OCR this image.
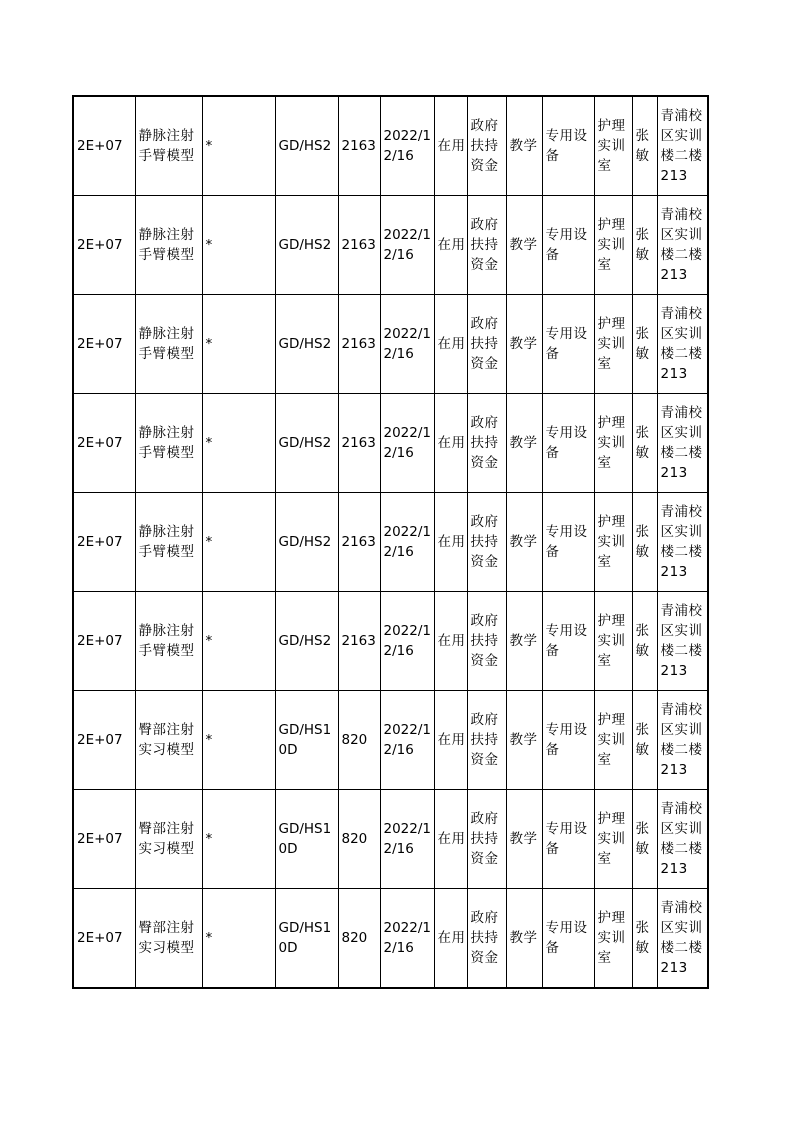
2E+07	静脉注射手臂模型	*	GD/HS2	2163	2022/12/16	在用	政府扶持资金	教学	专用设备	护理实训室	张敏	青浦校区实训楼二楼213
2E+07	静脉注射手臂模型	*	GD/HS2	2163	2022/12/16	在用	政府扶持资金	教学	专用设备	护理实训室	张敏	青浦校区实训楼二楼213
2E+07	静脉注射手臂模型	*	GD/HS2	2163	2022/12/16	在用	政府扶持资金	教学	专用设备	护理实训室	张敏	青浦校区实训楼二楼213
2E+07	静脉注射手臂模型	*	GD/HS2	2163	2022/12/16	在用	政府扶持资金	教学	专用设备	护理实训室	张敏	青浦校区实训楼二楼213
2E+07	静脉注射手臂模型	*	GD/HS2	2163	2022/12/16	在用	政府扶持资金	教学	专用设备	护理实训室	张敏	青浦校区实训楼二楼213
2E+07	静脉注射手臂模型	*	GD/HS2	2163	2022/12/16	在用	政府扶持资金	教学	专用设备	护理实训室	张敏	青浦校区实训楼二楼213
2E+07	臀部注射实习模型	*	GD/HS10D	820	2022/12/16	在用	政府扶持资金	教学	专用设备	护理实训室	张敏	青浦校区实训楼二楼213
2E+07	臀部注射实习模型	*	GD/HS10D	820	2022/12/16	在用	政府扶持资金	教学	专用设备	护理实训室	张敏	青浦校区实训楼二楼213
2E+07	臀部注射实习模型	*	GD/HS10D	820	2022/12/16	在用	政府扶持资金	教学	专用设备	护理实训室	张敏	青浦校区实训楼二楼213
